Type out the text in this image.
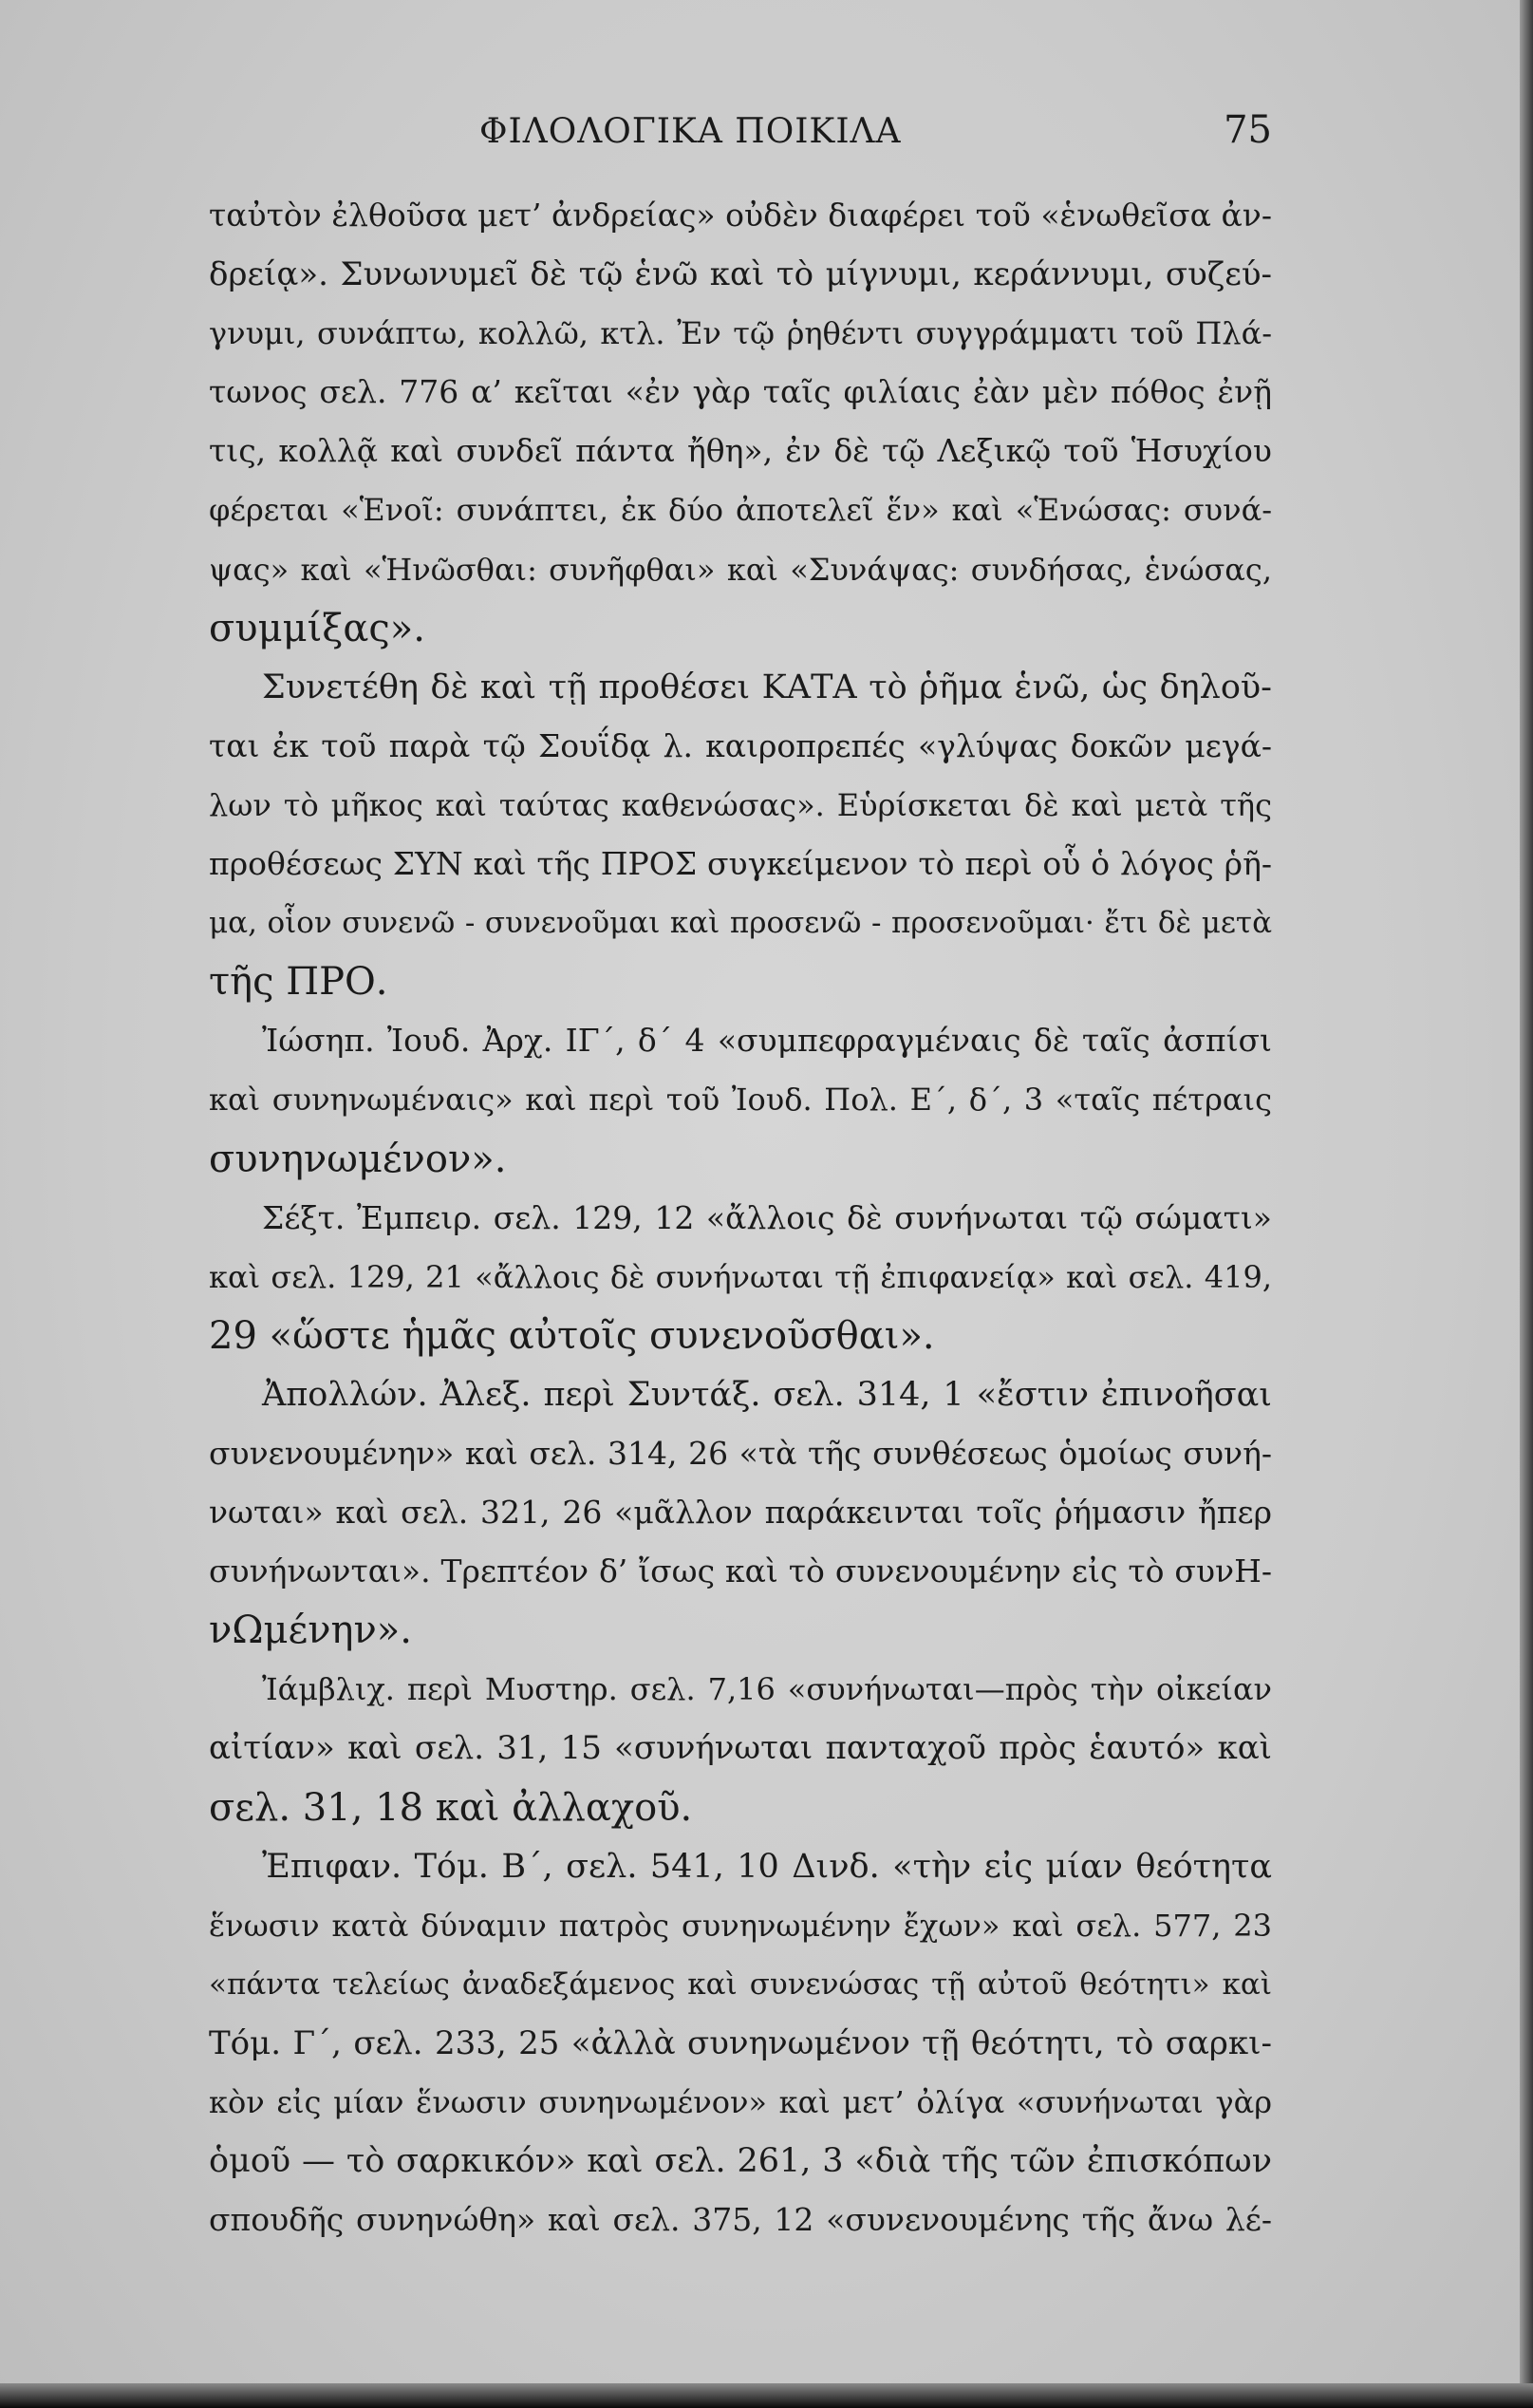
ΦΙΛΟΛΟΓΙΚΑ ΠΟΙΚΙΛΑ	75
ταὐτὸν ἐλθοῦσα μετ’ ἀνδρείας» οὐδὲν διαφέρει τοῦ «ἑνωθεῖσα ἀν-
δρείᾳ». Συνωνυμεῖ δὲ τῷ ἑνῶ καὶ τὸ μίγνυμι, κεράννυμι, συζεύ-
γνυμι, συνάπτω, κολλῶ, κτλ. Ἐν τῷ ῥηθέντι συγγράμματι τοῦ Πλά-
τωνος σελ. 776 α’ κεῖται «ἐν γὰρ ταῖς φιλίαις ἐὰν μὲν πόθος ἐνῇ
τις, κολλᾷ καὶ συνδεῖ πάντα ἤθη», ἐν δὲ τῷ Λεξικῷ τοῦ Ἡσυχίου
φέρεται «Ἑνοῖ: συνάπτει, ἐκ δύο ἀποτελεῖ ἕν» καὶ «Ἑνώσας: συνά-
ψας» καὶ «Ἡνῶσθαι: συνῆφθαι» καὶ «Συνάψας: συνδήσας, ἑνώσας,
συμμίξας».
Συνετέθη δὲ καὶ τῇ προθέσει ΚΑΤΑ τὸ ῥῆμα ἑνῶ, ὡς δηλοῦ-
ται ἐκ τοῦ παρὰ τῷ Σουΐδᾳ λ. καιροπρεπές «γλύψας δοκῶν μεγά-
λων τὸ μῆκος καὶ ταύτας καθενώσας». Εὑρίσκεται δὲ καὶ μετὰ τῆς
προθέσεως ΣΥΝ καὶ τῆς ΠΡΟΣ συγκείμενον τὸ περὶ οὗ ὁ λόγος ῥῆ-
μα, οἷον συνενῶ - συνενοῦμαι καὶ προσενῶ - προσενοῦμαι· ἔτι δὲ μετὰ
τῆς ΠΡΟ.
Ἰώσηπ. Ἰουδ. Ἀρχ. ΙΓ΄, δ΄ 4 «συμπεφραγμέναις δὲ ταῖς ἀσπίσι
καὶ συνηνωμέναις» καὶ περὶ τοῦ Ἰουδ. Πολ. Ε΄, δ΄, 3 «ταῖς πέτραις
συνηνωμένον».
Σέξτ. Ἐμπειρ. σελ. 129, 12 «ἄλλοις δὲ συνήνωται τῷ σώματι»
καὶ σελ. 129, 21 «ἄλλοις δὲ συνήνωται τῇ ἐπιφανείᾳ» καὶ σελ. 419,
29 «ὥστε ἡμᾶς αὐτοῖς συνενοῦσθαι».
Ἀπολλών. Ἀλεξ. περὶ Συντάξ. σελ. 314, 1 «ἔστιν ἐπινοῆσαι
συνενουμένην» καὶ σελ. 314, 26 «τὰ τῆς συνθέσεως ὁμοίως συνή-
νωται» καὶ σελ. 321, 26 «μᾶλλον παράκεινται τοῖς ῥήμασιν ἤπερ
συνήνωνται». Τρεπτέον δ’ ἴσως καὶ τὸ συνενουμένην εἰς τὸ συνΗ-
νΩμένην».
Ἰάμβλιχ. περὶ Μυστηρ. σελ. 7,16 «συνήνωται—πρὸς τὴν οἰκείαν
αἰτίαν» καὶ σελ. 31, 15 «συνήνωται πανταχοῦ πρὸς ἑαυτό» καὶ
σελ. 31, 18 καὶ ἀλλαχοῦ.
Ἐπιφαν. Τόμ. Β΄, σελ. 541, 10 Δινδ. «τὴν εἰς μίαν θεότητα
ἕνωσιν κατὰ δύναμιν πατρὸς συνηνωμένην ἔχων» καὶ σελ. 577, 23
«πάντα τελείως ἀναδεξάμενος καὶ συνενώσας τῇ αὐτοῦ θεότητι» καὶ
Τόμ. Γ΄, σελ. 233, 25 «ἀλλὰ συνηνωμένον τῇ θεότητι, τὸ σαρκι-
κὸν εἰς μίαν ἕνωσιν συνηνωμένον» καὶ μετ’ ὀλίγα «συνήνωται γὰρ
ὁμοῦ — τὸ σαρκικόν» καὶ σελ. 261, 3 «διὰ τῆς τῶν ἐπισκόπων
σπουδῆς συνηνώθη» καὶ σελ. 375, 12 «συνενουμένης τῆς ἄνω λέ-
